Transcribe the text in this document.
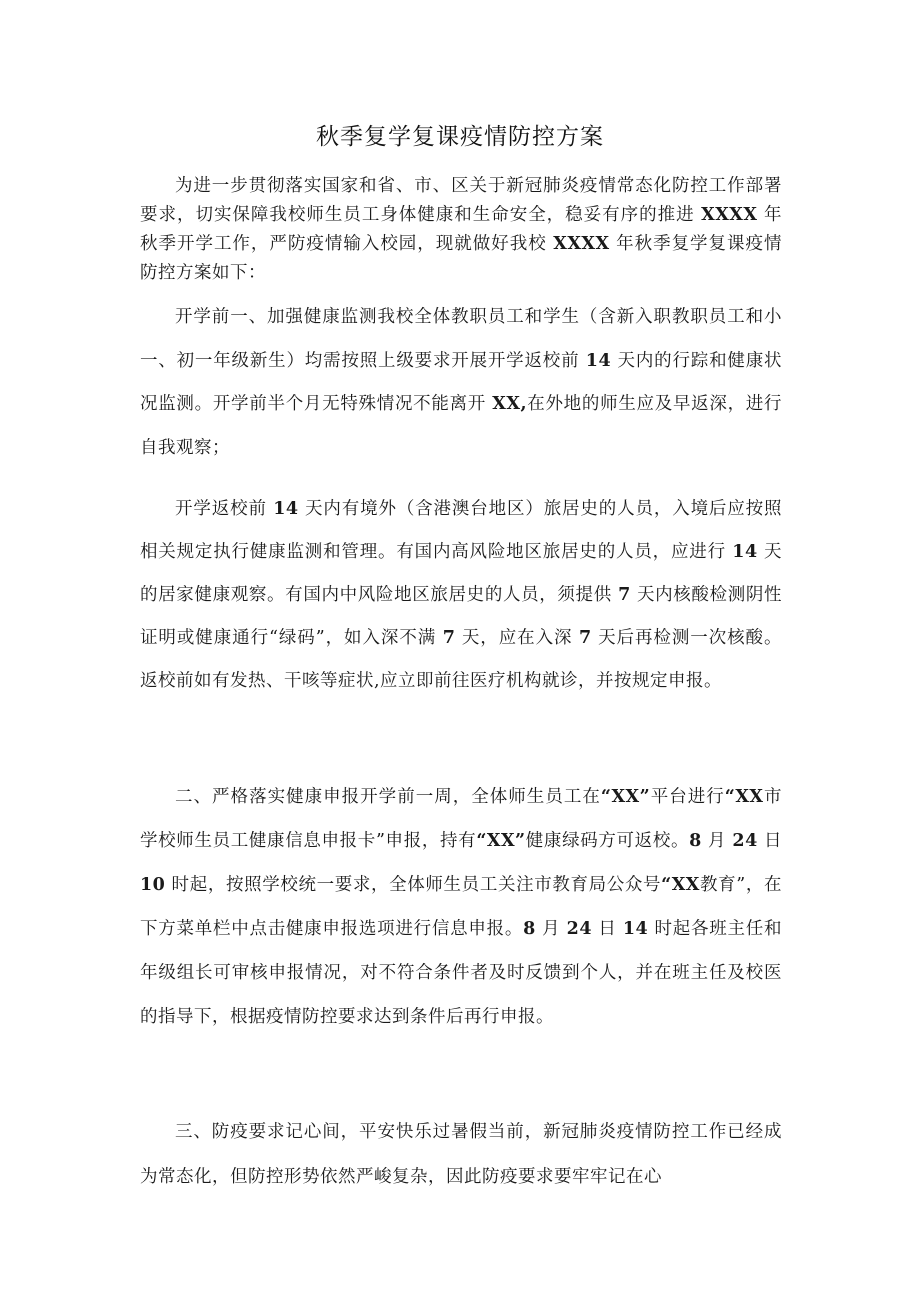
秋季复学复课疫情防控方案

为进一步贯彻落实国家和省、市、区关于新冠肺炎疫情常态化防控工作部署要求，切实保障我校师生员工身体健康和生命安全，稳妥有序的推进 XXXX 年秋季开学工作，严防疫情输入校园，现就做好我校 XXXX 年秋季复学复课疫情防控方案如下：

开学前一、加强健康监测我校全体教职员工和学生（含新入职教职员工和小一、初一年级新生）均需按照上级要求开展开学返校前 14 天内的行踪和健康状况监测。开学前半个月无特殊情况不能离开 XX,在外地的师生应及早返深，进行自我观察；

开学返校前 14 天内有境外（含港澳台地区）旅居史的人员，入境后应按照相关规定执行健康监测和管理。有国内高风险地区旅居史的人员，应进行 14 天的居家健康观察。有国内中风险地区旅居史的人员，须提供 7 天内核酸检测阴性证明或健康通行“绿码”，如入深不满 7 天，应在入深 7 天后再检测一次核酸。返校前如有发热、干咳等症状,应立即前往医疗机构就诊，并按规定申报。

二、严格落实健康申报开学前一周，全体师生员工在“XX”平台进行“XX市学校师生员工健康信息申报卡”申报，持有“XX”健康绿码方可返校。8 月 24 日 10 时起，按照学校统一要求，全体师生员工关注市教育局公众号“XX教育”，在下方菜单栏中点击健康申报选项进行信息申报。8 月 24 日 14 时起各班主任和年级组长可审核申报情况，对不符合条件者及时反馈到个人，并在班主任及校医的指导下，根据疫情防控要求达到条件后再行申报。

三、防疫要求记心间，平安快乐过暑假当前，新冠肺炎疫情防控工作已经成为常态化，但防控形势依然严峻复杂，因此防疫要求要牢牢记在心
